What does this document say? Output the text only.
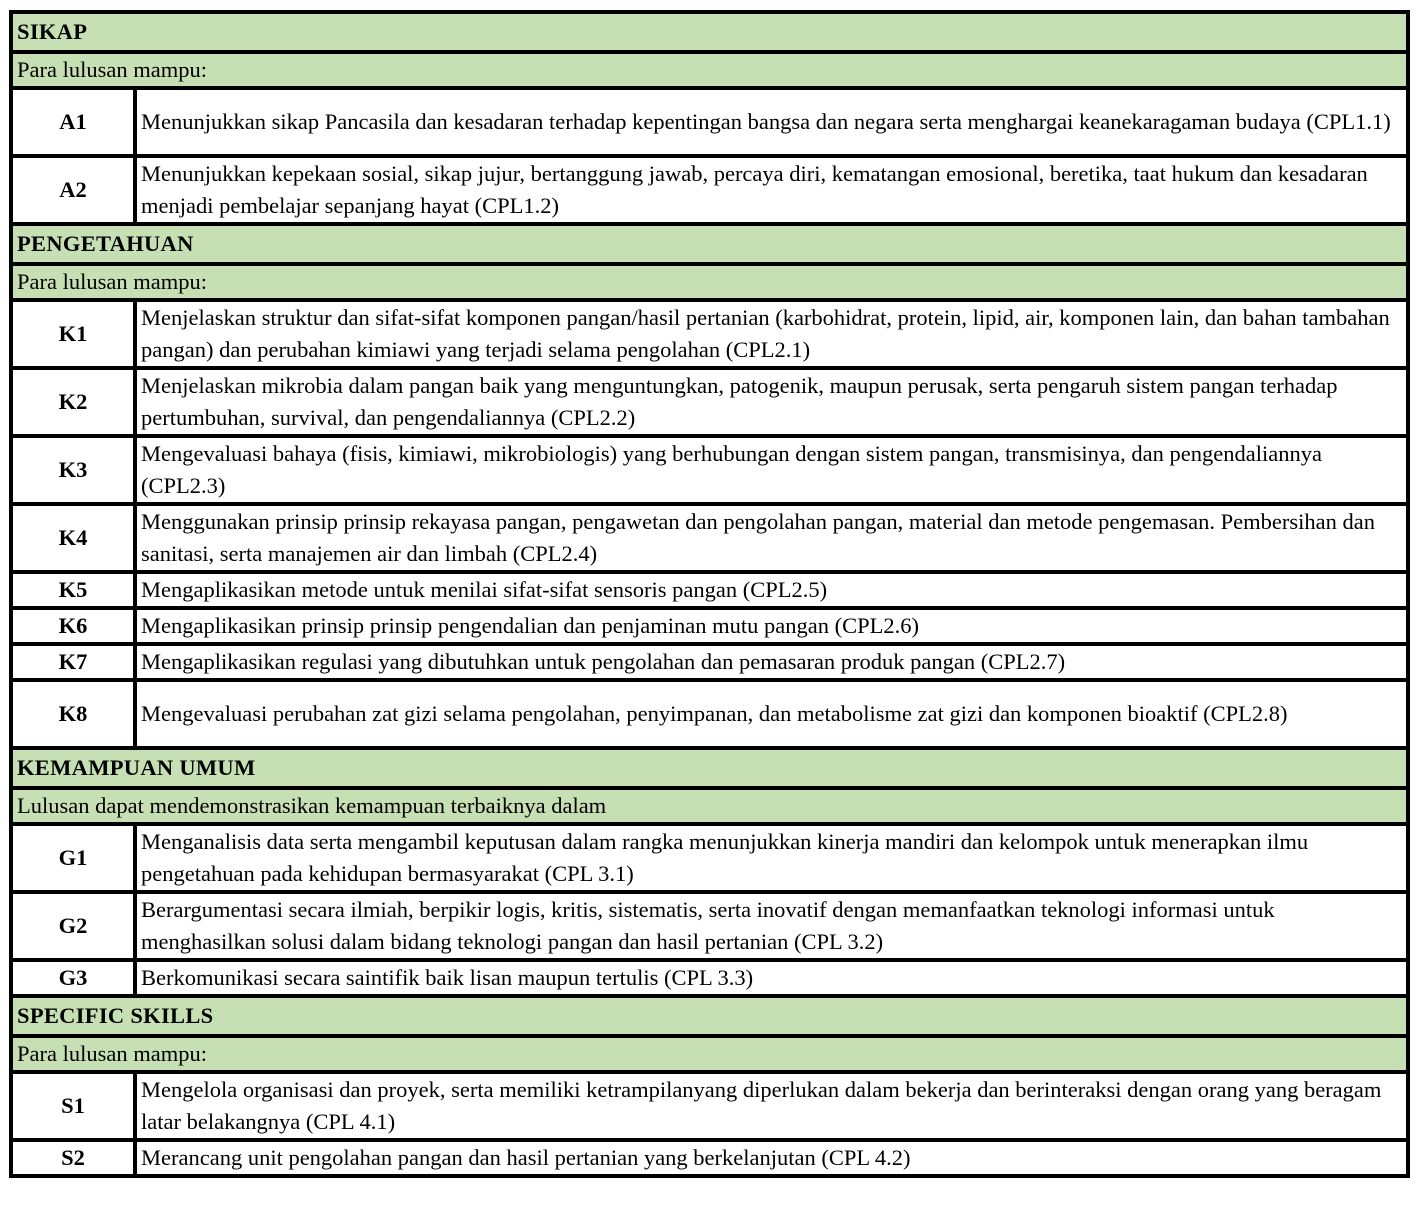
SIKAP	
Para lulusan mampu:	
A1	Menunjukkan sikap Pancasila dan kesadaran terhadap kepentingan bangsa dan negara serta menghargai keanekaragaman budaya (CPL1.1)
A2	Menunjukkan kepekaan sosial, sikap jujur, bertanggung jawab, percaya diri, kematangan emosional, beretika, taat hukum dan kesadaran menjadi pembelajar sepanjang hayat (CPL1.2)
PENGETAHUAN	
Para lulusan mampu:	
K1	Menjelaskan struktur dan sifat-sifat komponen pangan/hasil pertanian (karbohidrat, protein, lipid, air, komponen lain, dan bahan tambahan pangan) dan perubahan kimiawi yang terjadi selama pengolahan (CPL2.1)
K2	Menjelaskan mikrobia dalam pangan baik yang menguntungkan, patogenik, maupun perusak, serta pengaruh sistem pangan terhadap pertumbuhan, survival, dan pengendaliannya (CPL2.2)
K3	Mengevaluasi bahaya (fisis, kimiawi, mikrobiologis) yang berhubungan dengan sistem pangan, transmisinya, dan pengendaliannya (CPL2.3)
K4	Menggunakan prinsip prinsip rekayasa pangan, pengawetan dan pengolahan pangan, material dan metode pengemasan. Pembersihan dan sanitasi, serta manajemen air dan limbah (CPL2.4)
K5	Mengaplikasikan metode untuk menilai sifat-sifat sensoris pangan (CPL2.5)
K6	Mengaplikasikan prinsip prinsip pengendalian dan penjaminan mutu pangan (CPL2.6)
K7	Mengaplikasikan regulasi yang dibutuhkan untuk pengolahan dan pemasaran produk pangan (CPL2.7)
K8	Mengevaluasi perubahan zat gizi selama pengolahan, penyimpanan, dan metabolisme zat gizi dan komponen bioaktif (CPL2.8)
KEMAMPUAN UMUM	
Lulusan dapat mendemonstrasikan kemampuan terbaiknya dalam	
G1	Menganalisis data serta mengambil keputusan dalam rangka menunjukkan kinerja mandiri dan kelompok untuk menerapkan ilmu pengetahuan pada kehidupan bermasyarakat (CPL 3.1)
G2	Berargumentasi secara ilmiah, berpikir logis, kritis, sistematis, serta inovatif dengan memanfaatkan teknologi informasi untuk menghasilkan solusi dalam bidang teknologi pangan dan hasil pertanian (CPL 3.2)
G3	Berkomunikasi secara saintifik baik lisan maupun tertulis (CPL 3.3)
SPECIFIC SKILLS	
Para lulusan mampu:	
S1	Mengelola organisasi dan proyek, serta memiliki ketrampilanyang diperlukan dalam bekerja dan berinteraksi dengan orang yang beragam latar belakangnya (CPL 4.1)
S2	Merancang unit pengolahan pangan dan hasil pertanian yang berkelanjutan (CPL 4.2)
